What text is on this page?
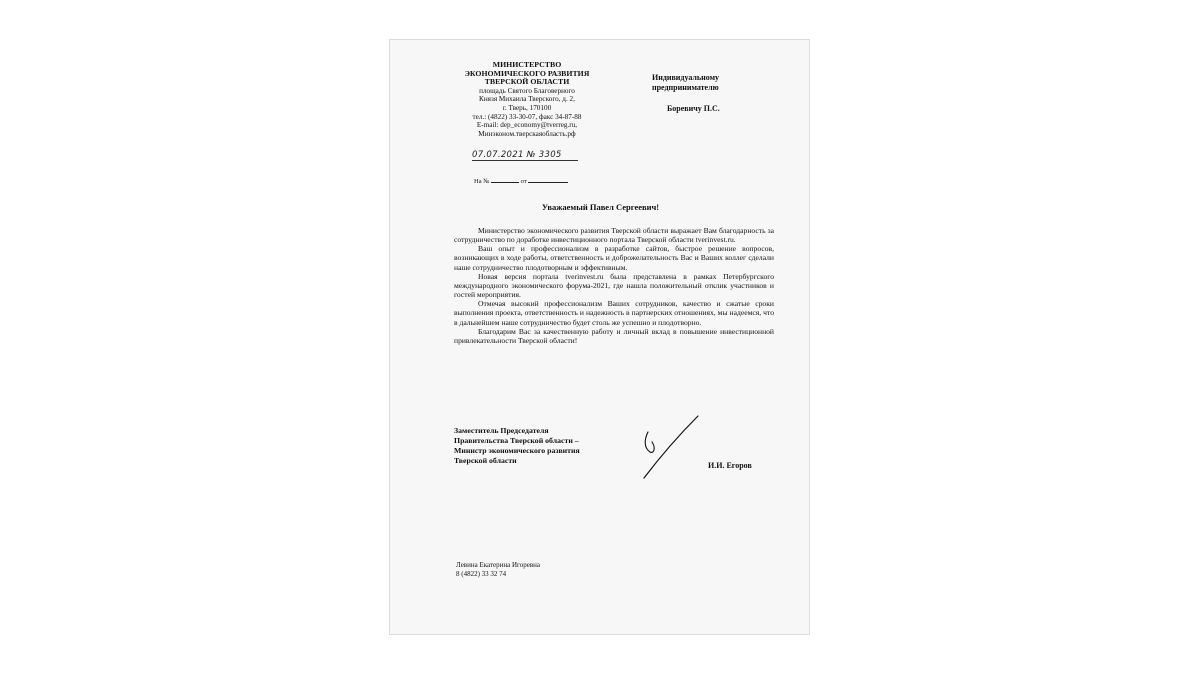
МИНИСТЕРСТВО
ЭКОНОМИЧЕСКОГО РАЗВИТИЯ
ТВЕРСКОЙ ОБЛАСТИ
площадь Святого Благоверного
Князя Михаила Тверского, д. 2,
г. Тверь, 170100
тел.: (4822) 33-30-07, факс 34-87-88
E-mail: dep_economy@tverreg.ru,
Минэконом.тверскаяобласть.рф
07.07.2021 № 3305
На №	от
Индивидуальному
предпринимателю
Боревичу П.С.
Уважаемый Павел Сергеевич!

Министерство экономического развития Тверской области выражает Вам благодарность за сотрудничество по доработке инвестиционного портала Тверской области tverinvest.ru.

Ваш опыт и профессионализм в разработке сайтов, быстрое решение вопросов, возникающих в ходе работы, ответственность и доброжелательность Вас и Ваших коллег сделали наше сотрудничество плодотворным и эффективным.

Новая версия портала tverinvest.ru была представлена в рамках Петербургского международного экономического форума-2021, где нашла положительный отклик участников и гостей мероприятия.

Отмечая высокий профессионализм Ваших сотрудников, качество и сжатые сроки выполнения проекта, ответственность и надежность в партнерских отношениях, мы надеемся, что в дальнейшем наше сотрудничество будет столь же успешно и плодотворно.

Благодарим Вас за качественную работу и личный вклад в повышение инвестиционной привлекательности Тверской области!

Заместитель Председателя
Правительства Тверской области –
Министр экономического развития
Тверской области
И.И. Егоров
Левина Екатерина Игоревна
8 (4822) 33 32 74
